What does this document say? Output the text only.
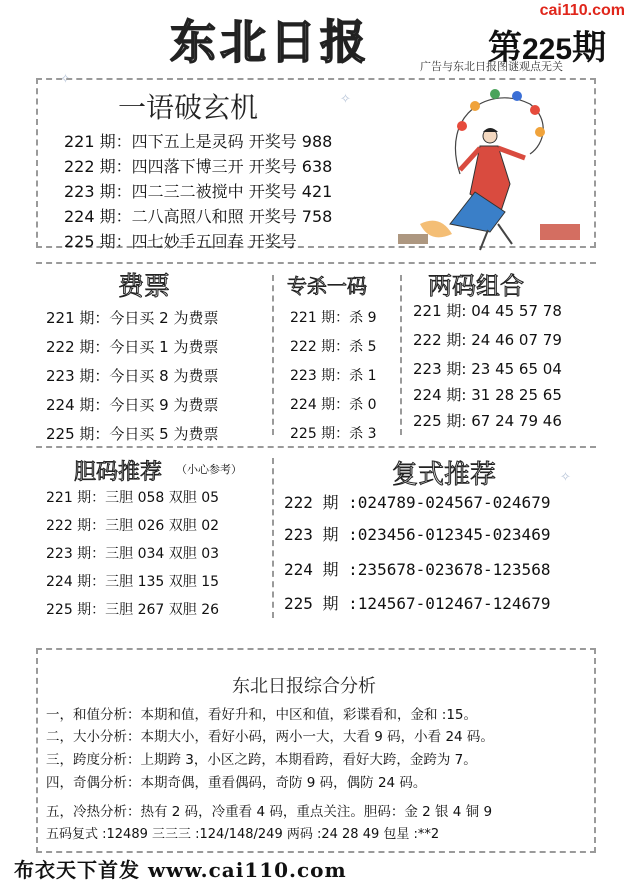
东北日报
cai110.com
第225期
广告与东北日报图谜观点无关
✧
✧
✧
一语破玄机
221 期：四下五上是灵码 开奖号 988
222 期：四四落下博三开 开奖号 638
223 期：四二三二被搅中 开奖号 421
224 期：二八高照八和照 开奖号 758
225 期：四七妙手五回春 开奖号
费票
221 期：今日买 2 为费票
222 期：今日买 1 为费票
223 期：今日买 8 为费票
224 期：今日买 9 为费票
225 期：今日买 5 为费票
专杀一码
221 期：杀 9
222 期：杀 5
223 期：杀 1
224 期：杀 0
225 期：杀 3
两码组合
221 期: 04 45 57 78
222 期: 24 46 07 79
223 期: 23 45 65 04
224 期: 31 28 25 65
225 期: 67 24 79 46
胆码推荐 （小心参考）
221 期：三胆 058 双胆 05
222 期：三胆 026 双胆 02
223 期：三胆 034 双胆 03
224 期：三胆 135 双胆 15
225 期：三胆 267 双胆 26
复式推荐
222 期 :024789-024567-024679
223 期 :023456-012345-023469
224 期 :235678-023678-123568
225 期 :124567-012467-124679
东北日报综合分析
一，和值分析：本期和值，看好升和，中区和值，彩谍看和，金和 :15。
二，大小分析：本期大小，看好小码，两小一大，大看 9 码，小看 24 码。
三，跨度分析：上期跨 3，小区之跨，本期看跨，看好大跨，金跨为 7。
四，奇偶分析：本期奇偶，重看偶码，奇防 9 码，偶防 24 码。
五，冷热分析：热有 2 码，冷重看 4 码，重点关注。胆码：金 2 银 4 铜 9
五码复式 :12489 三三三 :124/148/249 两码 :24 28 49 包星 :**2
布衣天下首发 www.cai110.com
